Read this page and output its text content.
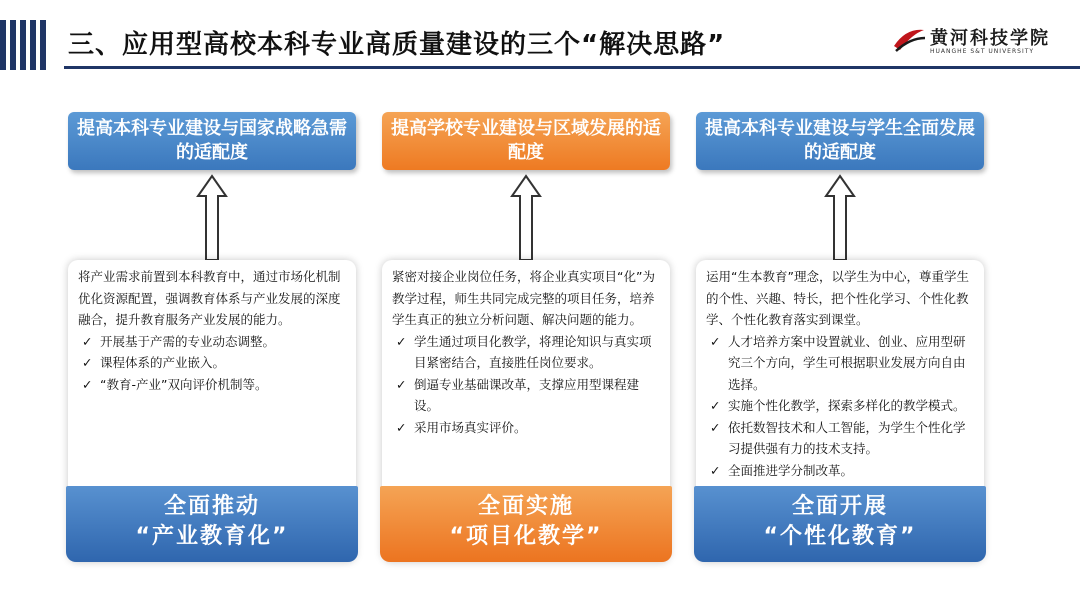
三、应用型高校本科专业高质量建设的三个“解决思路”	黄河科技学院
HUANGHE S&T UNIVERSITY
提高本科专业建设与国家战略急需的适配度
将产业需求前置到本科教育中，通过市场化机制优化资源配置，强调教育体系与产业发展的深度融合，提升教育服务产业发展的能力。
✓ 开展基于产需的专业动态调整。
✓ 课程体系的产业嵌入。
✓ “教育-产业”双向评价机制等。
全面推动
“产业教育化”
提高学校专业建设与区域发展的适配度
紧密对接企业岗位任务，将企业真实项目“化”为教学过程，师生共同完成完整的项目任务，培养学生真正的独立分析问题、解决问题的能力。
✓ 学生通过项目化教学，将理论知识与真实项目紧密结合，直接胜任岗位要求。
✓ 倒逼专业基础课改革，支撑应用型课程建设。
✓ 采用市场真实评价。
全面实施
“项目化教学”
提高本科专业建设与学生全面发展的适配度
运用“生本教育”理念，以学生为中心，尊重学生的个性、兴趣、特长，把个性化学习、个性化教学、个性化教育落实到课堂。
✓ 人才培养方案中设置就业、创业、应用型研究三个方向，学生可根据职业发展方向自由选择。
✓ 实施个性化教学，探索多样化的教学模式。
✓ 依托数智技术和人工智能，为学生个性化学习提供强有力的技术支持。
✓ 全面推进学分制改革。
全面开展
“个性化教育”
